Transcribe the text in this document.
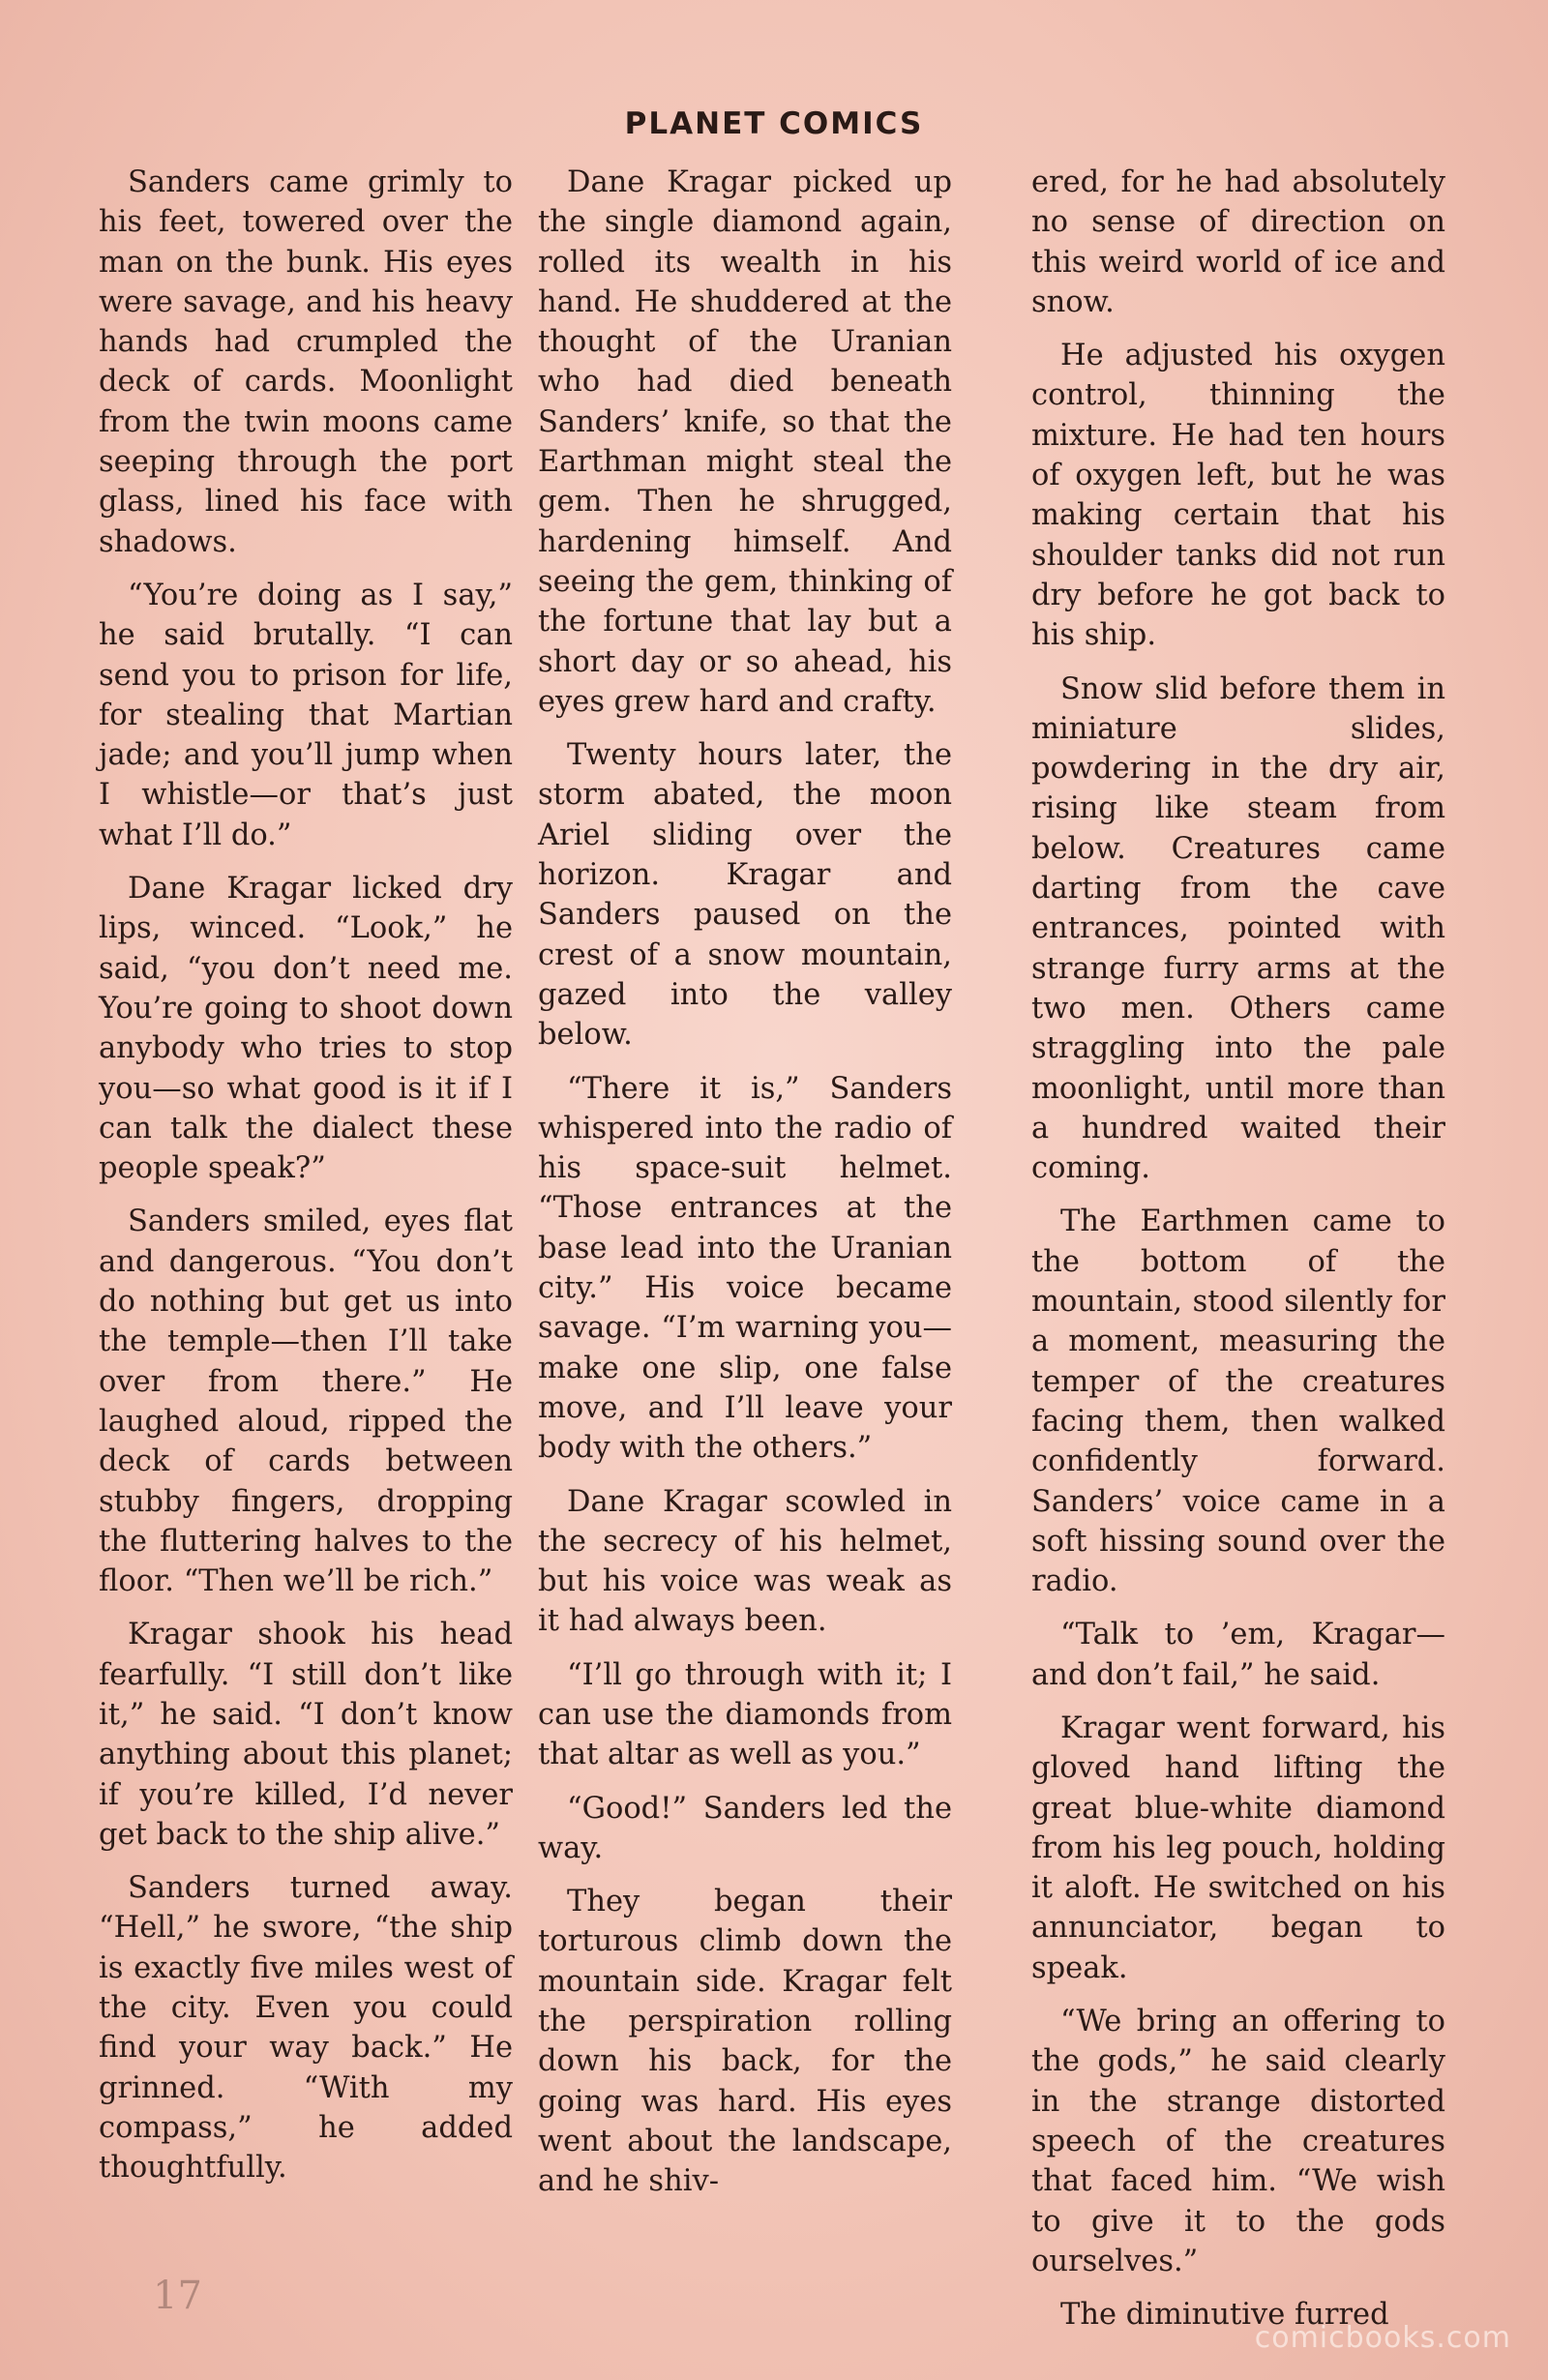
PLANET COMICS

Sanders came grimly to his feet, towered over the man on the bunk. His eyes were savage, and his heavy hands had crumpled the deck of cards. Moonlight from the twin moons came seeping through the port glass, lined his face with shadows.

“You’re doing as I say,” he said brutally. “I can send you to prison for life, for stealing that Martian jade; and you’ll jump when I whistle—or that’s just what I’ll do.”

Dane Kragar licked dry lips, winced. “Look,” he said, “you don’t need me. You’re going to shoot down anybody who tries to stop you—so what good is it if I can talk the dialect these people speak?”

Sanders smiled, eyes flat and dangerous. “You don’t do nothing but get us into the temple—then I’ll take over from there.” He laughed aloud, ripped the deck of cards between stubby fingers, dropping the fluttering halves to the floor. “Then we’ll be rich.”

Kragar shook his head fearfully. “I still don’t like it,” he said. “I don’t know anything about this planet; if you’re killed, I’d never get back to the ship alive.”

Sanders turned away. “Hell,” he swore, “the ship is exactly five miles west of the city. Even you could find your way back.” He grinned. “With my compass,” he added thoughtfully.

Dane Kragar picked up the single diamond again, rolled its wealth in his hand. He shuddered at the thought of the Uranian who had died beneath Sanders’ knife, so that the Earthman might steal the gem. Then he shrugged, hardening himself. And seeing the gem, thinking of the fortune that lay but a short day or so ahead, his eyes grew hard and crafty.

Twenty hours later, the storm abated, the moon Ariel sliding over the horizon. Kragar and Sanders paused on the crest of a snow mountain, gazed into the valley below.

“There it is,” Sanders whispered into the radio of his space-suit helmet. “Those entrances at the base lead into the Uranian city.” His voice became savage. “I’m warning you—make one slip, one false move, and I’ll leave your body with the others.”

Dane Kragar scowled in the secrecy of his helmet, but his voice was weak as it had always been.

“I’ll go through with it; I can use the diamonds from that altar as well as you.”

“Good!” Sanders led the way.

They began their torturous climb down the mountain side. Kragar felt the perspiration rolling down his back, for the going was hard. His eyes went about the landscape, and he shiv-

ered, for he had absolutely no sense of direction on this weird world of ice and snow.

He adjusted his oxygen control, thinning the mixture. He had ten hours of oxygen left, but he was making certain that his shoulder tanks did not run dry before he got back to his ship.

Snow slid before them in miniature slides, powdering in the dry air, rising like steam from below. Creatures came darting from the cave entrances, pointed with strange furry arms at the two men. Others came straggling into the pale moonlight, until more than a hundred waited their coming.

The Earthmen came to the bottom of the mountain, stood silently for a moment, measuring the temper of the creatures facing them, then walked confidently forward. Sanders’ voice came in a soft hissing sound over the radio.

“Talk to ’em, Kragar—and don’t fail,” he said.

Kragar went forward, his gloved hand lifting the great blue-white diamond from his leg pouch, holding it aloft. He switched on his annunciator, began to speak.

“We bring an offering to the gods,” he said clearly in the strange distorted speech of the creatures that faced him. “We wish to give it to the gods ourselves.”

The diminutive furred

17
comicbooks.com
